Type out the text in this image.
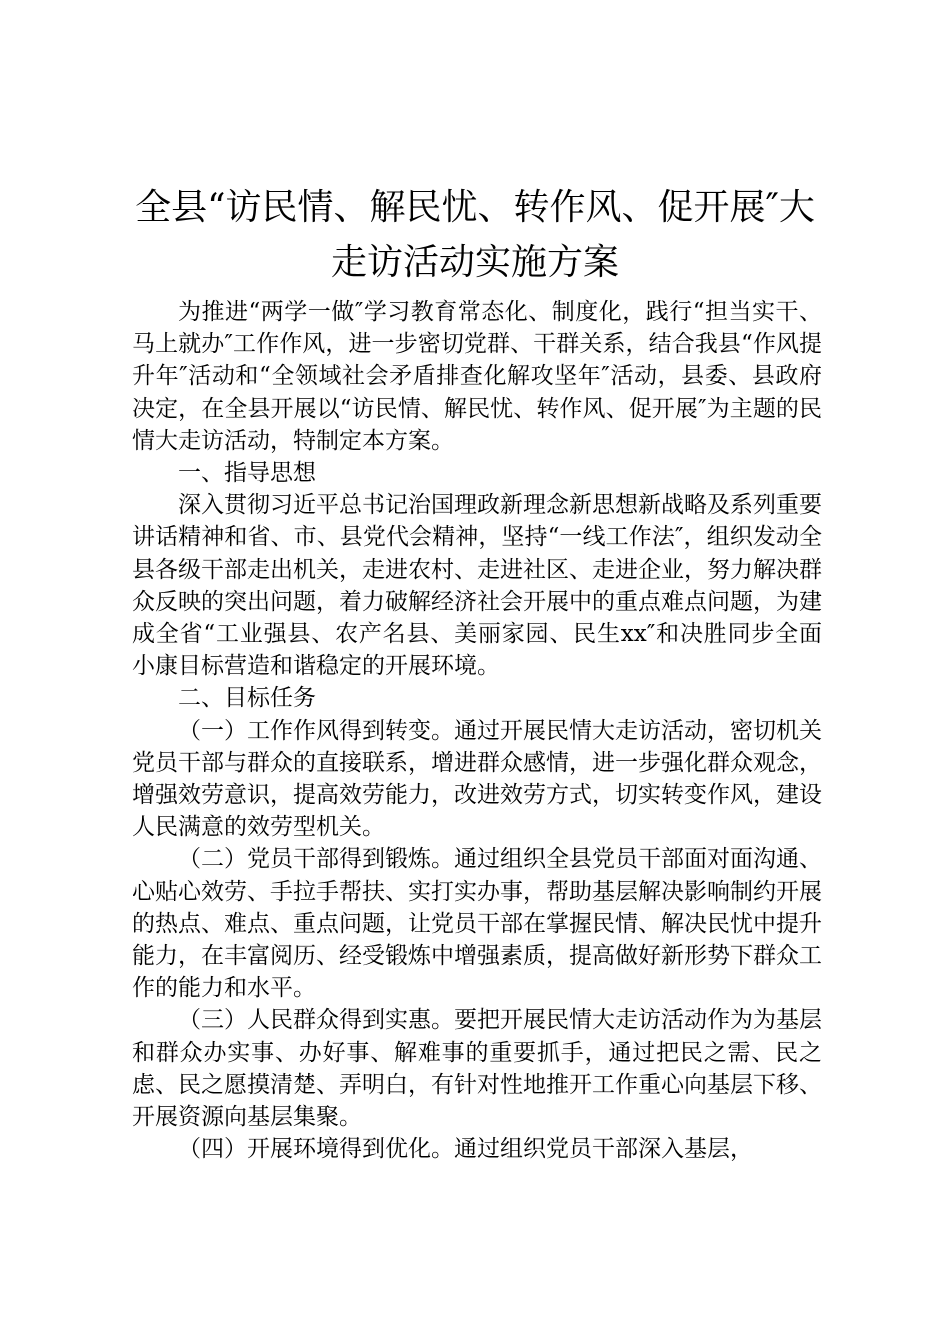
全县“访民情、解民忧、转作风、促开展″大
走访活动实施方案

为推进“两学一做″学习教育常态化、制度化，践行“担当实干、马上就办″工作作风，进一步密切党群、干群关系，结合我县“作风提升年″活动和“全领域社会矛盾排查化解攻坚年″活动，县委、县政府决定，在全县开展以“访民情、解民忧、转作风、促开展″为主题的民情大走访活动，特制定本方案。

一、指导思想

深入贯彻习近平总书记治国理政新理念新思想新战略及系列重要讲话精神和省、市、县党代会精神，坚持“一线工作法″，组织发动全县各级干部走出机关，走进农村、走进社区、走进企业，努力解决群众反映的突出问题，着力破解经济社会开展中的重点难点问题，为建成全省“工业强县、农产名县、美丽家园、民生xx″和决胜同步全面小康目标营造和谐稳定的开展环境。

二、目标任务

（一）工作作风得到转变。通过开展民情大走访活动，密切机关党员干部与群众的直接联系，增进群众感情，进一步强化群众观念，增强效劳意识，提高效劳能力，改进效劳方式，切实转变作风，建设人民满意的效劳型机关。

（二）党员干部得到锻炼。通过组织全县党员干部面对面沟通、心贴心效劳、手拉手帮扶、实打实办事，帮助基层解决影响制约开展的热点、难点、重点问题，让党员干部在掌握民情、解决民忧中提升能力，在丰富阅历、经受锻炼中增强素质，提高做好新形势下群众工作的能力和水平。

（三）人民群众得到实惠。要把开展民情大走访活动作为为基层和群众办实事、办好事、解难事的重要抓手，通过把民之需、民之虑、民之愿摸清楚、弄明白，有针对性地推开工作重心向基层下移、开展资源向基层集聚。

（四）开展环境得到优化。通过组织党员干部深入基层，
